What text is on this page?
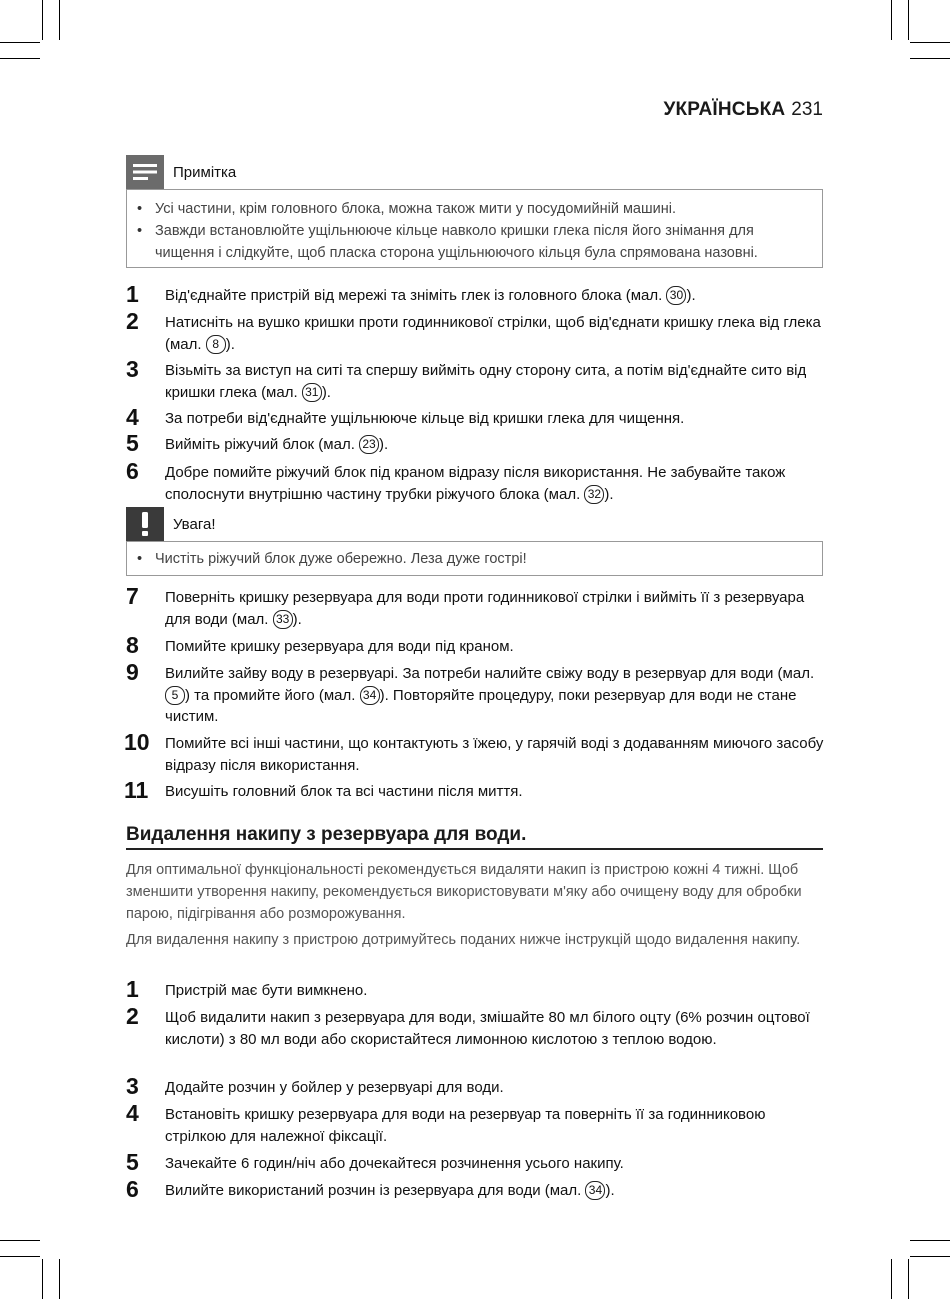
УКРАЇНСЬКА 231
Примітка
• Усі частини, крім головного блока, можна також мити у посудомийній машині.
• Завжди встановлюйте ущільнююче кільце навколо кришки глека після його знімання для чищення і слідкуйте, щоб пласка сторона ущільнюючого кільця була спрямована назовні.
1 Від'єднайте пристрій від мережі та зніміть глек із головного блока (мал. 30 ).
2 Натисніть на вушко кришки проти годинникової стрілки, щоб від'єднати кришку глека від глека (мал. 8 ).
3 Візьміть за виступ на ситі та спершу вийміть одну сторону сита, а потім від'єднайте сито від кришки глека (мал. 31 ).
4 За потреби від'єднайте ущільнююче кільце від кришки глека для чищення.
5 Вийміть ріжучий блок (мал. 23 ).
6 Добре помийте ріжучий блок під краном відразу після використання. Не забувайте також сполоснути внутрішню частину трубки ріжучого блока (мал. 32 ).
Увага!
• Чистіть ріжучий блок дуже обережно. Леза дуже гострі!
7 Поверніть кришку резервуара для води проти годинникової стрілки і вийміть її з резервуара для води (мал. 33 ).
8 Помийте кришку резервуара для води під краном.
9 Вилийте зайву воду в резервуарі. За потреби налийте свіжу воду в резервуар для води (мал. 5 ) та промийте його (мал. 34 ). Повторяйте процедуру, поки резервуар для води не стане чистим.
10 Помийте всі інші частини, що контактують з їжею, у гарячій воді з додаванням миючого засобу відразу після використання.
11 Висушіть головний блок та всі частини після миття.
Видалення накипу з резервуара для води.
Для оптимальної функціональності рекомендується видаляти накип із пристрою кожні 4 тижні. Щоб зменшити утворення накипу, рекомендується використовувати м'яку або очищену воду для обробки парою, підігрівання або розморожування.
Для видалення накипу з пристрою дотримуйтесь поданих нижче інструкцій щодо видалення накипу.
1 Пристрій має бути вимкнено.
2 Щоб видалити накип з резервуара для води, змішайте 80 мл білого оцту (6% розчин оцтової кислоти) з 80 мл води або скористайтеся лимонною кислотою з теплою водою.
3 Додайте розчин у бойлер у резервуарі для води.
4 Встановіть кришку резервуара для води на резервуар та поверніть її за годинниковою стрілкою для належної фіксації.
5 Зачекайте 6 годин/ніч або дочекайтеся розчинення усього накипу.
6 Вилийте використаний розчин із резервуара для води (мал. 34 ).
